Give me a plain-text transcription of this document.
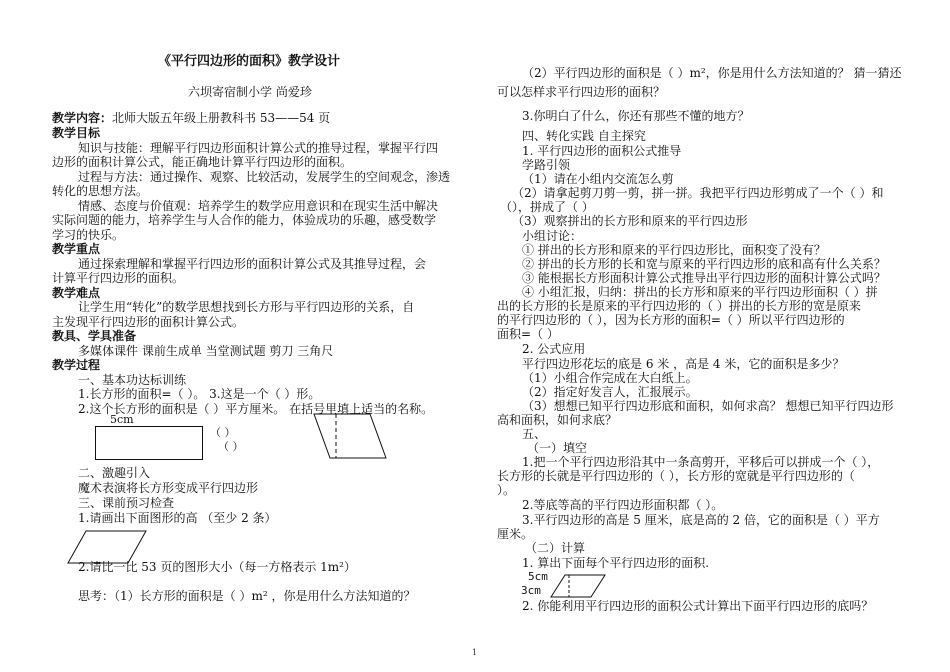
《平行四边形的面积》教学设计
六坝寄宿制小学 尚爱珍
教学内容：北师大版五年级上册教科书 53——54 页
教学目标
知识与技能：理解平行四边形面积计算公式的推导过程，掌握平行四
边形的面积计算公式，能正确地计算平行四边形的面积。
过程与方法：通过操作、观察、比较活动，发展学生的空间观念，渗透
转化的思想方法。
情感、态度与价值观：培养学生的数学应用意识和在现实生活中解决
实际问题的能力，培养学生与人合作的能力，体验成功的乐趣，感受数学
学习的快乐。
教学重点
通过探索理解和掌握平行四边形的面积计算公式及其推导过程，会
计算平行四边形的面积。
教学难点
让学生用“转化”的数学思想找到长方形与平行四边形的关系，自
主发现平行四边形的面积计算公式。
教具、学具准备
多媒体课件 课前生成单 当堂测试题 剪刀 三角尺
教学过程
一、基本功达标训练
1.长方形的面积=（ ）。 3.这是一个（ ）形。
2.这个长方形的面积是（ ）平方厘米。 在括号里填上适当的名称。
5cm
（ ）
（ ）
二、激趣引入
魔术表演将长方形变成平行四边形
三、课前预习检查
1.请画出下面图形的高 （至少 2 条）
2.请比一比 53 页的图形大小（每一方格表示 1m²）
思考：（1）长方形的面积是（ ）m² ，你是用什么方法知道的？
（2）平行四边形的面积是（ ）m²，你是用什么方法知道的？ 猜一猜还
可以怎样求平行四边形的面积？
3.你明白了什么，你还有那些不懂的地方？
四、转化实践 自主探究
1. 平行四边形的面积公式推导
学路引领
（1）请在小组内交流怎么剪
（2）请拿起剪刀剪一剪，拼一拼。我把平行四边形剪成了一个（ ）和
（），拼成了（ ）
（3）观察拼出的长方形和原来的平行四边形
小组讨论：
① 拼出的长方形和原来的平行四边形比，面积变了没有？
② 拼出的长方形的长和宽与原来的平行四边形的底和高有什么关系？
③ 能根据长方形面积计算公式推导出平行四边形的面积计算公式吗？
④ 小组汇报，归纳：拼出的长方形和原来的平行四边形面积（ ）拼
出的长方形的长是原来的平行四边形的（ ）拼出的长方形的宽是原来
的平行四边形的（ ），因为长方形的面积=（ ）所以平行四边形的
面积=（ ）
2. 公式应用
平行四边形花坛的底是 6 米 ，高是 4 米，它的面积是多少？
（1）小组合作完成在大白纸上。
（2）指定好发言人，汇报展示。
（3）想想已知平行四边形底和面积，如何求高？ 想想已知平行四边形
高和面积，如何求底？
五、
（一）填空
1.把一个平行四边形沿其中一条高剪开，平移后可以拼成一个（ ），
长方形的长就是平行四边形的（ ），长方形的宽就是平行四边形的（
）。
2.等底等高的平行四边形面积都（ ）。
3.平行四边形的高是 5 厘米，底是高的 2 倍，它的面积是（ ）平方
厘米。
（二）计算
1. 算出下面每个平行四边形的面积.
5cm
3cm
2. 你能利用平行四边形的面积公式计算出下面平行四边形的底吗？
1
